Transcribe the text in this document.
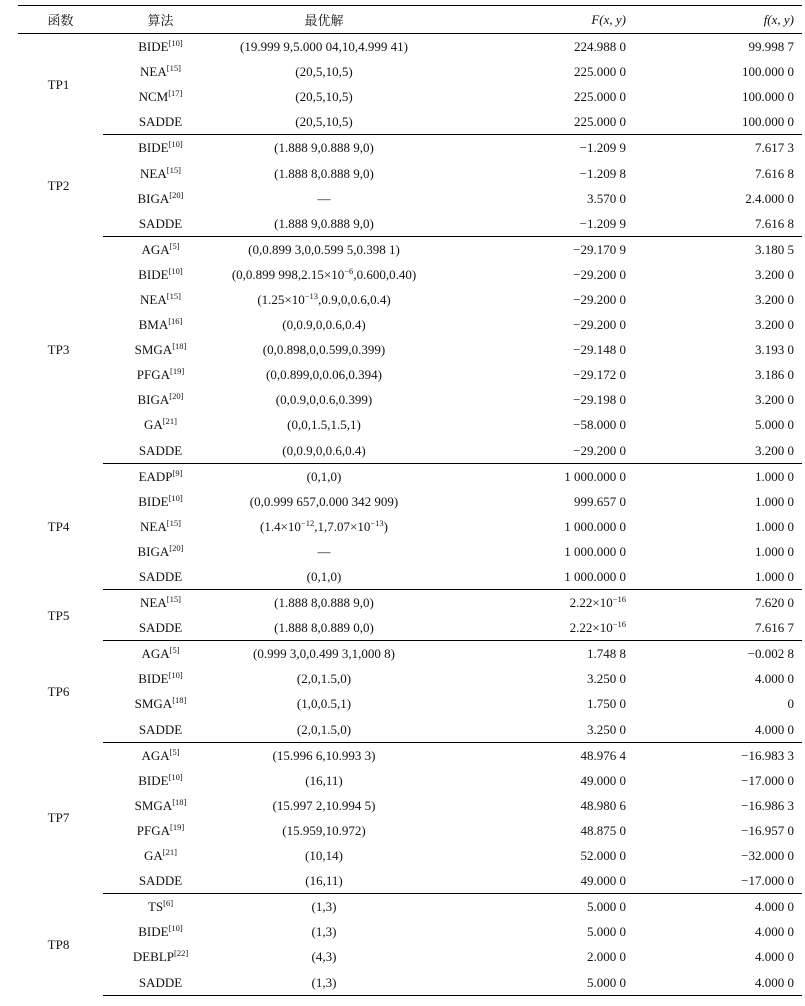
函数	算法	最优解	F(x, y)	f(x, y)
TP1	BIDE[10]	(19.999 9,5.000 04,10,4.999 41)	224.988 0	99.998 7
	NEA[15]	(20,5,10,5)	225.000 0	100.000 0
	NCM[17]	(20,5,10,5)	225.000 0	100.000 0
	SADDE	(20,5,10,5)	225.000 0	100.000 0
TP2	BIDE[10]	(1.888 9,0.888 9,0)	−1.209 9	7.617 3
	NEA[15]	(1.888 8,0.888 9,0)	−1.209 8	7.616 8
	BIGA[20]	—	3.570 0	2.4.000 0
	SADDE	(1.888 9,0.888 9,0)	−1.209 9	7.616 8
TP3	AGA[5]	(0,0.899 3,0,0.599 5,0.398 1)	−29.170 9	3.180 5
	BIDE[10]	(0,0.899 $998,2.15\times 10^{-6},0.600,0.40$)	−29.200 0	3.200 0
	NEA[15]	$(1.25\times 10^{-13},0.9,0,0.6,0.4)$	−29.200 0	3.200 0
	BMA[16]	(0,0.9,0,0.6,0.4)	−29.200 0	3.200 0
	SMGA[18]	(0,0.898,0,0.599,0.399)	−29.148 0	3.193 0
	PFGA[19]	(0,0.899,0,0.06,0.394)	−29.172 0	3.186 0
	BIGA[20]	(0,0.9,0,0.6,0.399)	−29.198 0	3.200 0
	GA[21]	(0,0,1.5,1.5,1)	−58.000 0	5.000 0
	SADDE	(0,0.9,0,0.6,0.4)	−29.200 0	3.200 0
TP4	EADP[9]	(0,1,0)	1 000.000 0	1.000 0
	BIDE[10]	(0,0.999 657,0.000 342 909)	999.657 0	1.000 0
	NEA[15]	$(1.4\times 10^{-12},1,7.07\times 10^{-13})$	1 000.000 0	1.000 0
	BIGA[20]	—	1 000.000 0	1.000 0
	SADDE	(0,1,0)	1 000.000 0	1.000 0
TP5	NEA[15]	(1.888 8,0.888 9,0)	$2.22\times 10^{-16}$	7.620 0
	SADDE	(1.888 8,0.889 0,0)	$2.22\times 10^{-16}$	7.616 7
TP6	AGA[5]	(0.999 3,0,0.499 3,1,000 8)	1.748 8	−0.002 8
	BIDE[10]	(2,0,1.5,0)	3.250 0	4.000 0
	SMGA[18]	(1,0,0.5,1)	1.750 0	0
	SADDE	(2,0,1.5,0)	3.250 0	4.000 0
TP7	AGA[5]	(15.996 6,10.993 3)	48.976 4	−16.983 3
	BIDE[10]	(16,11)	49.000 0	−17.000 0
	SMGA[18]	(15.997 2,10.994 5)	48.980 6	−16.986 3
	PFGA[19]	(15.959,10.972)	48.875 0	−16.957 0
	GA[21]	(10,14)	52.000 0	−32.000 0
	SADDE	(16,11)	49.000 0	−17.000 0
TP8	TS[6]	(1,3)	5.000 0	4.000 0
	BIDE[10]	(1,3)	5.000 0	4.000 0
	DEBLP[22]	(4,3)	2.000 0	4.000 0
	SADDE	(1,3)	5.000 0	4.000 0
